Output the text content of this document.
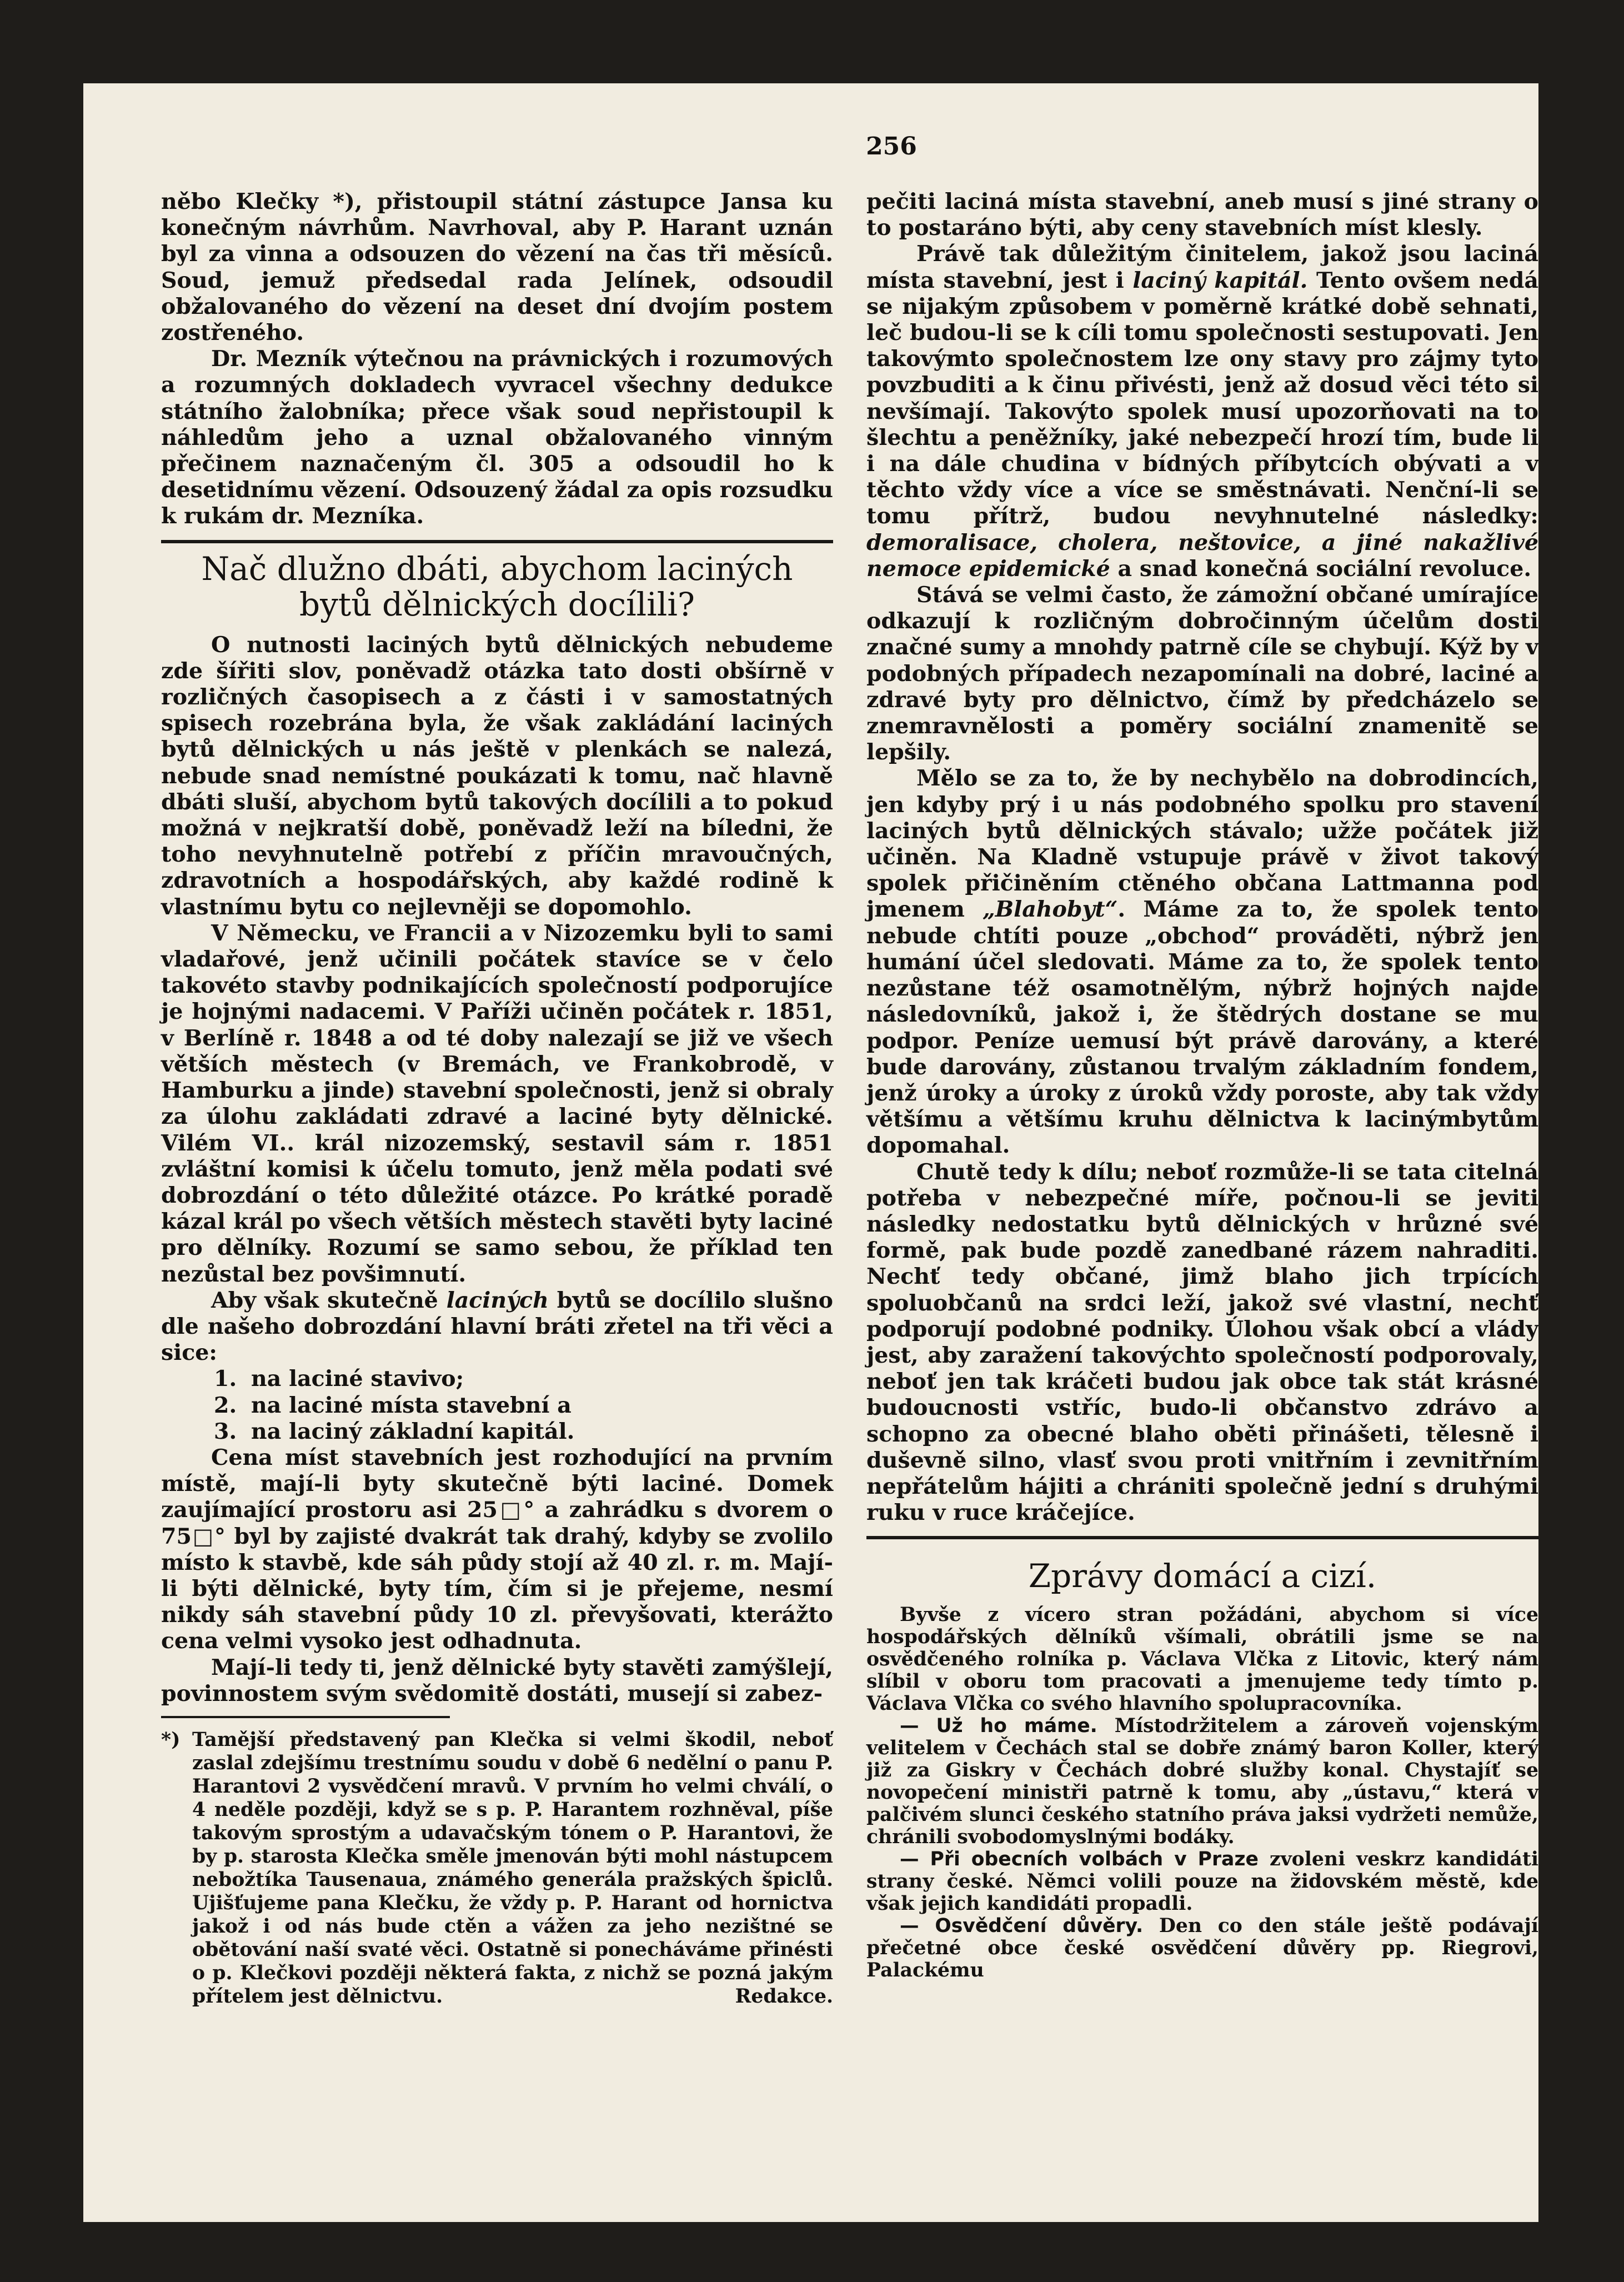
256

něbo Klečky *), přistoupil státní zástupce Jansa ku konečným návrhům. Navrhoval, aby P. Harant uznán byl za vinna a odsouzen do vězení na čas tři měsíců. Soud, jemuž předsedal rada Jelínek, odsoudil obžalovaného do vězení na deset dní dvojím postem zostřeného.

Dr. Mezník výtečnou na právnických i rozumových a rozumných dokladech vyvracel všechny dedukce státního žalobníka; přece však soud nepřistoupil k náhledům jeho a uznal obžalovaného vinným přečinem naznačeným čl. 305 a odsoudil ho k desetidnímu vězení. Odsouzený žádal za opis rozsudku k rukám dr. Mezníka.

Nač dlužno dbáti, abychom laciných bytů dělnických docílili?

O nutnosti laciných bytů dělnických nebudeme zde šířiti slov, poněvadž otázka tato dosti obšírně v rozličných časopisech a z části i v samostatných spisech rozebrána byla, že však zakládání laciných bytů dělnických u nás ještě v plenkách se nalezá, nebude snad nemístné poukázati k tomu, nač hlavně dbáti sluší, abychom bytů takových docílili a to pokud možná v nejkratší době, poněvadž leží na bíledni, že toho nevyhnutelně potřebí z příčin mravoučných, zdravotních a hospodářských, aby každé rodině k vlastnímu bytu co nejlevněji se dopomohlo.

V Německu, ve Francii a v Nizozemku byli to sami vladařové, jenž učinili počátek stavíce se v čelo takovéto stavby podnikajících společností podporujíce je hojnými nadacemi. V Paříži učiněn počátek r. 1851, v Berlíně r. 1848 a od té doby nalezají se již ve všech větších městech (v Bremách, ve Frankobrodě, v Hamburku a jinde) stavební společnosti, jenž si obraly za úlohu zakládati zdravé a laciné byty dělnické. Vilém VI.. král nizozemský, sestavil sám r. 1851 zvláštní komisi k účelu tomuto, jenž měla podati své dobrozdání o této důležité otázce. Po krátké poradě kázal král po všech větších městech stavěti byty laciné pro dělníky. Rozumí se samo sebou, že příklad ten nezůstal bez povšimnutí.

Aby však skutečně laciných bytů se docílilo slušno dle našeho dobrozdání hlavní bráti zřetel na tři věci a sice:

1. na laciné stavivo;
2. na laciné místa stavební a
3. na laciný základní kapitál.

Cena míst stavebních jest rozhodující na prvním místě, mají-li byty skutečně býti laciné. Domek zaujímající prostoru asi 25□° a zahrádku s dvorem o 75□° byl by zajisté dvakrát tak drahý, kdyby se zvolilo místo k stavbě, kde sáh půdy stojí až 40 zl. r. m. Mají-li býti dělnické, byty tím, čím si je přejeme, nesmí nikdy sáh stavební půdy 10 zl. převyšovati, kterážto cena velmi vysoko jest odhadnuta.

Mají-li tedy ti, jenž dělnické byty stavěti zamýšlejí, povinnostem svým svědomitě dostáti, musejí si zabez-

*) Tamější představený pan Klečka si velmi škodil, neboť zaslal zdejšímu trestnímu soudu v době 6 nedělní o panu P. Harantovi 2 vysvědčení mravů. V prvním ho velmi chválí, o 4 neděle později, když se s p. P. Harantem rozhněval, píše takovým sprostým a udavačským tónem o P. Harantovi, že by p. starosta Klečka směle jmenován býti mohl nástupcem nebožtíka Tausenaua, známého generála pražských špiclů. Ujišťujeme pana Klečku, že vždy p. P. Harant od hornictva jakož i od nás bude ctěn a vážen za jeho nezištné se obětování naší svaté věci. Ostatně si ponecháváme přinésti o p. Klečkovi později některá fakta, z nichž se pozná jakým přítelem jest dělnictvu.	Redakce.

pečiti laciná místa stavební, aneb musí s jiné strany o to postaráno býti, aby ceny stavebních míst klesly.

Právě tak důležitým činitelem, jakož jsou laciná místa stavební, jest i laciný kapitál. Tento ovšem nedá se nijakým způsobem v poměrně krátké době sehnati, leč budou-li se k cíli tomu společnosti sestupovati. Jen takovýmto společnostem lze ony stavy pro zájmy tyto povzbuditi a k činu přivésti, jenž až dosud věci této si nevšímají. Takovýto spolek musí upozorňovati na to šlechtu a peněžníky, jaké nebezpečí hrozí tím, bude li i na dále chudina v bídných příbytcích obývati a v těchto vždy více a více se směstnávati. Nenční-li se tomu přítrž, budou nevyhnutelné následky: demoralisace, cholera, neštovice, a jiné nakažlivé nemoce epidemické a snad konečná sociální revoluce.

Stává se velmi často, že zámožní občané umírajíce odkazují k rozličným dobročinným účelům dosti značné sumy a mnohdy patrně cíle se chybují. Kýž by v podobných případech nezapomínali na dobré, laciné a zdravé byty pro dělnictvo, čímž by předcházelo se znemravnělosti a poměry sociální znamenitě se lepšily.

Mělo se za to, že by nechybělo na dobrodincích, jen kdyby prý i u nás podobného spolku pro stavení laciných bytů dělnických stávalo; užže počátek již učiněn. Na Kladně vstupuje právě v život takový spolek přičiněním ctěného občana Lattmanna pod jmenem „Blahobyt“. Máme za to, že spolek tento nebude chtíti pouze „obchod“ prováděti, nýbrž jen humání účel sledovati. Máme za to, že spolek tento nezůstane též osamotnělým, nýbrž hojných najde následovníků, jakož i, že štědrých dostane se mu podpor. Peníze uemusí být právě darovány, a které bude darovány, zůstanou trvalým základním fondem, jenž úroky a úroky z úroků vždy poroste, aby tak vždy většímu a většímu kruhu dělnictva k lacinýmbytům dopomahal.

Chutě tedy k dílu; neboť rozmůže-li se tata citelná potřeba v nebezpečné míře, počnou-li se jeviti následky nedostatku bytů dělnických v hrůzné své formě, pak bude pozdě zanedbané rázem nahraditi. Nechť tedy občané, jimž blaho jich trpících spoluobčanů na srdci leží, jakož své vlastní, nechť podporují podobné podniky. Úlohou však obcí a vlády jest, aby zaražení takovýchto společností podporovaly, neboť jen tak kráčeti budou jak obce tak stát krásné budoucnosti vstříc, budo-li občanstvo zdrávo a schopno za obecné blaho oběti přinášeti, tělesně i duševně silno, vlasť svou proti vnitřním i zevnitřním nepřátelům hájiti a chrániti společně jední s druhými ruku v ruce kráčejíce.

Zprávy domácí a cizí.

Byvše z vícero stran požádáni, abychom si více hospodářských dělníků všímali, obrátili jsme se na osvědčeného rolníka p. Václava Vlčka z Litovic, který nám slíbil v oboru tom pracovati a jmenujeme tedy tímto p. Václava Vlčka co svého hlavního spolupracovníka.

— Už ho máme. Místodržitelem a zároveň vojenským velitelem v Čechách stal se dobře známý baron Koller, který již za Giskry v Čechách dobré služby konal. Chystajíť se novopečení ministři patrně k tomu, aby „ústavu,“ která v palčivém slunci českého statního práva jaksi vydržeti nemůže, chránili svobodomyslnými bodáky.

— Při obecních volbách v Praze zvoleni veskrz kandidáti strany české. Němci volili pouze na židovském městě, kde však jejich kandidáti propadli.

— Osvědčení důvěry. Den co den stále ještě podávají přečetné obce české osvědčení důvěry pp. Riegrovi, Palackému
